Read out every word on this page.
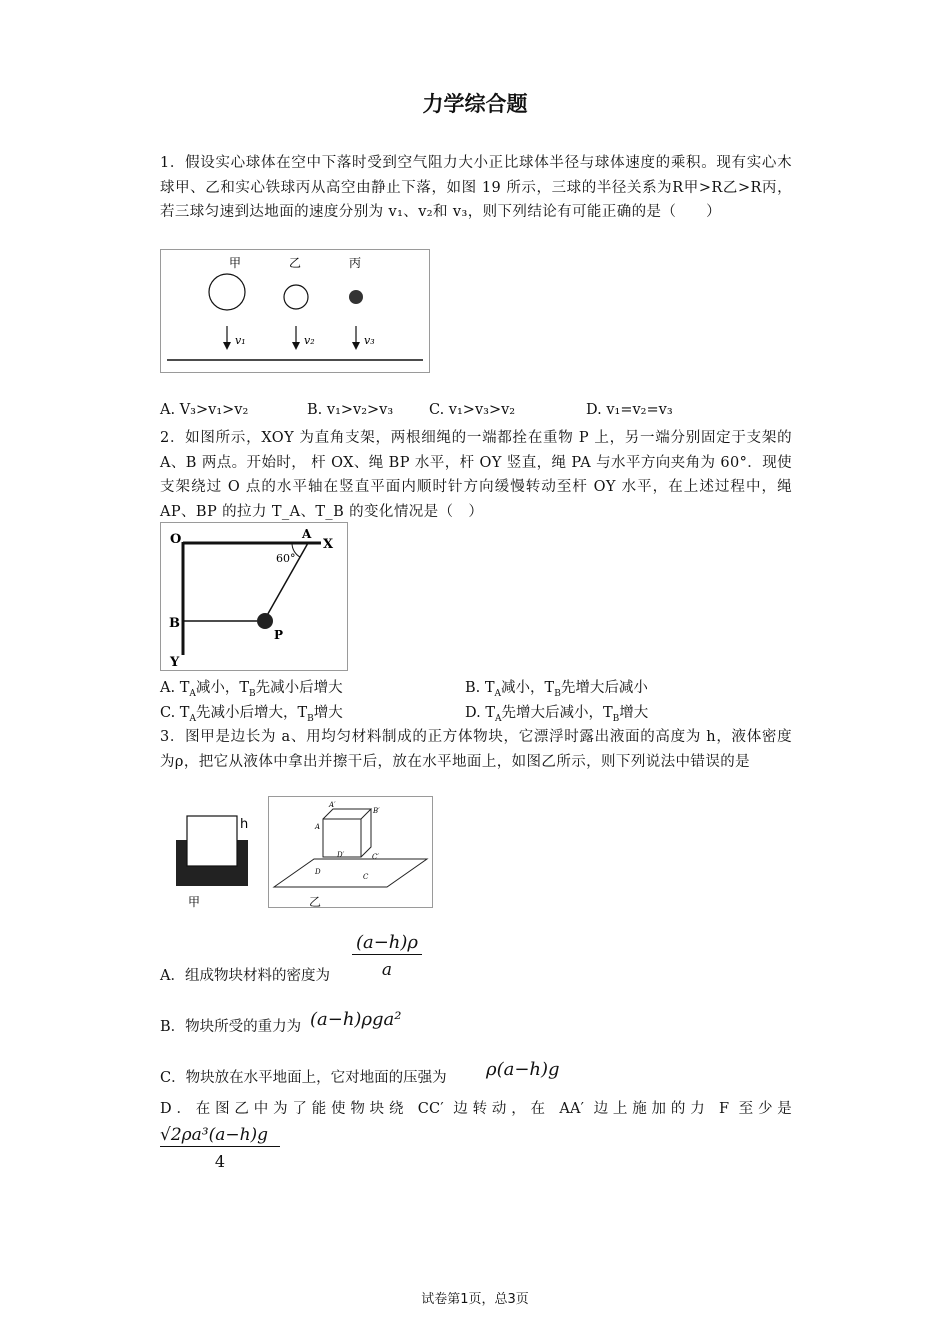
力学综合题
1．假设实心球体在空中下落时受到空气阻力大小正比球体半径与球体速度的乘积。现有实心木球甲、乙和实心铁球丙从高空由静止下落，如图 19 所示，三球的半径关系为R甲>R乙>R丙，若三球匀速到达地面的速度分别为 v₁、v₂和 v₃，则下列结论有可能正确的是（　　）
甲	乙	丙
v₁	v₂	v₃
A. V₃>v₁>v₂	B. v₁>v₂>v₃ C. v₁>v₃>v₂	D. v₁=v₂=v₃
2．如图所示，XOY 为直角支架，两根细绳的一端都拴在重物 P 上，另一端分别固定于支架的 A、B 两点。开始时， 杆 OX、绳 BP 水平，杆 OY 竖直，绳 PA 与水平方向夹角为 60°．现使支架绕过 O 点的水平轴在竖直平面内顺时针方向缓慢转动至杆 OY 水平，在上述过程中，绳 AP、BP 的拉力 T_A、T_B 的变化情况是（　）
O	A
X
60°
B
P
Y
A. $T_A$减小，$T_B$先减小后增大	B. $T_A$减小，$T_B$先增大后减小
C. $T_A$先减小后增大，$T_B$增大	D. $T_A$先增大后减小，$T_B$增大
3．图甲是边长为 a、用均匀材料制成的正方体物块，它漂浮时露出液面的高度为 h，液体密度为ρ，把它从液体中拿出并擦干后，放在水平地面上，如图乙所示，则下列说法中错误的是
h
甲
A′
B′
A
D′	C′
D
C
乙
A．组成物块材料的密度为
(a−h)ρ
a
B．物块所受的重力为 (a−h)ρga²
C．物块放在水平地面上，它对地面的压强为 ρ(a−h)g
D．在图乙中为了能使物块绕 CC′ 边转动，在 AA′ 边上施加的力 F 至少是
√2ρa³(a−h)g
4
试卷第1页，总3页
